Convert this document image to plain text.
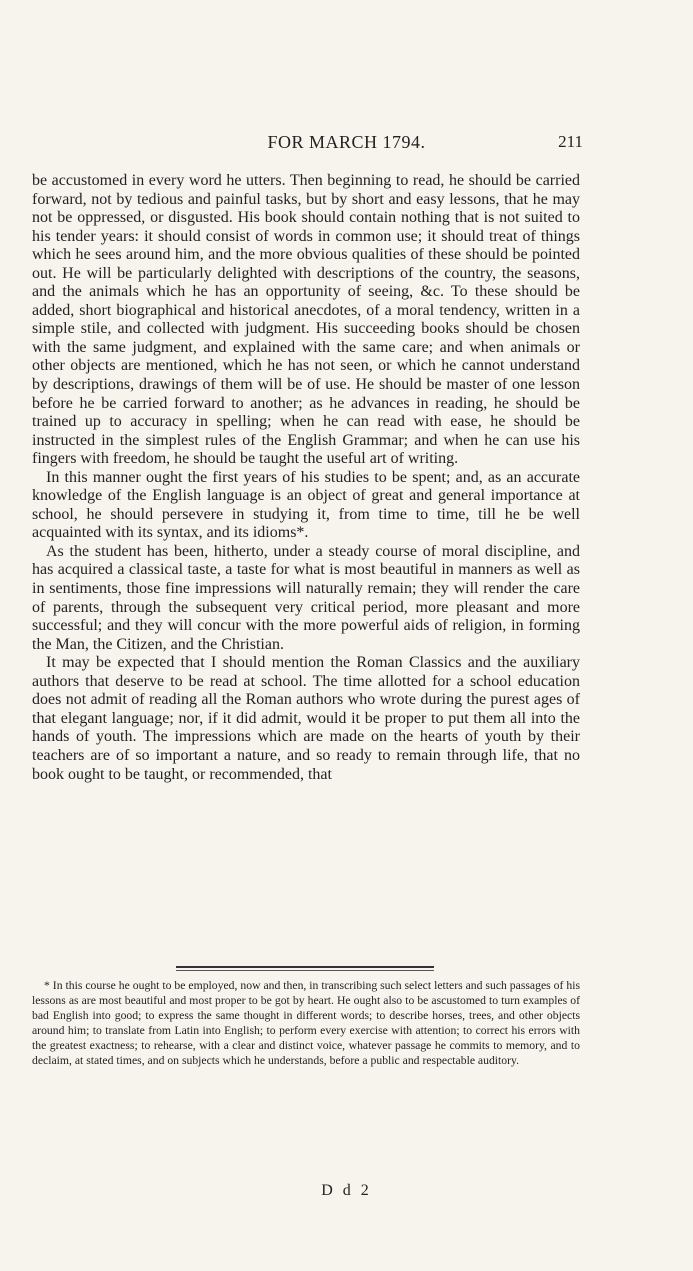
FOR MARCH 1794.	211

be accustomed in every word he utters. Then beginning to read, he should be carried forward, not by tedious and painful tasks, but by short and easy lessons, that he may not be oppressed, or disgusted. His book should contain nothing that is not suited to his tender years: it should consist of words in common use; it should treat of things which he sees around him, and the more obvious qualities of these should be pointed out. He will be particularly delighted with descriptions of the country, the seasons, and the animals which he has an opportunity of seeing, &c. To these should be added, short biographical and historical anecdotes, of a moral tendency, written in a simple stile, and collected with judgment. His succeeding books should be chosen with the same judgment, and explained with the same care; and when animals or other objects are mentioned, which he has not seen, or which he cannot understand by descriptions, drawings of them will be of use. He should be master of one lesson before he be carried forward to another; as he advances in reading, he should be trained up to accuracy in spelling; when he can read with ease, he should be instructed in the simplest rules of the English Grammar; and when he can use his fingers with freedom, he should be taught the useful art of writing.

In this manner ought the first years of his studies to be spent; and, as an accurate knowledge of the English language is an object of great and general importance at school, he should persevere in studying it, from time to time, till he be well acquainted with its syntax, and its idioms*.

As the student has been, hitherto, under a steady course of moral discipline, and has acquired a classical taste, a taste for what is most beautiful in manners as well as in sentiments, those fine impressions will naturally remain; they will render the care of parents, through the subsequent very critical period, more pleasant and more successful; and they will concur with the more powerful aids of religion, in forming the Man, the Citizen, and the Christian.

It may be expected that I should mention the Roman Classics and the auxiliary authors that deserve to be read at school. The time allotted for a school education does not admit of reading all the Roman authors who wrote during the purest ages of that elegant language; nor, if it did admit, would it be proper to put them all into the hands of youth. The impressions which are made on the hearts of youth by their teachers are of so important a nature, and so ready to remain through life, that no book ought to be taught, or recommended, that

* In this course he ought to be employed, now and then, in transcribing such select letters and such passages of his lessons as are most beautiful and most proper to be got by heart. He ought also to be ascustomed to turn examples of bad English into good; to express the same thought in different words; to describe horses, trees, and other objects around him; to translate from Latin into English; to perform every exercise with attention; to correct his errors with the greatest exactness; to rehearse, with a clear and distinct voice, whatever passage he commits to memory, and to declaim, at stated times, and on subjects which he understands, before a public and respectable auditory.

D d 2
